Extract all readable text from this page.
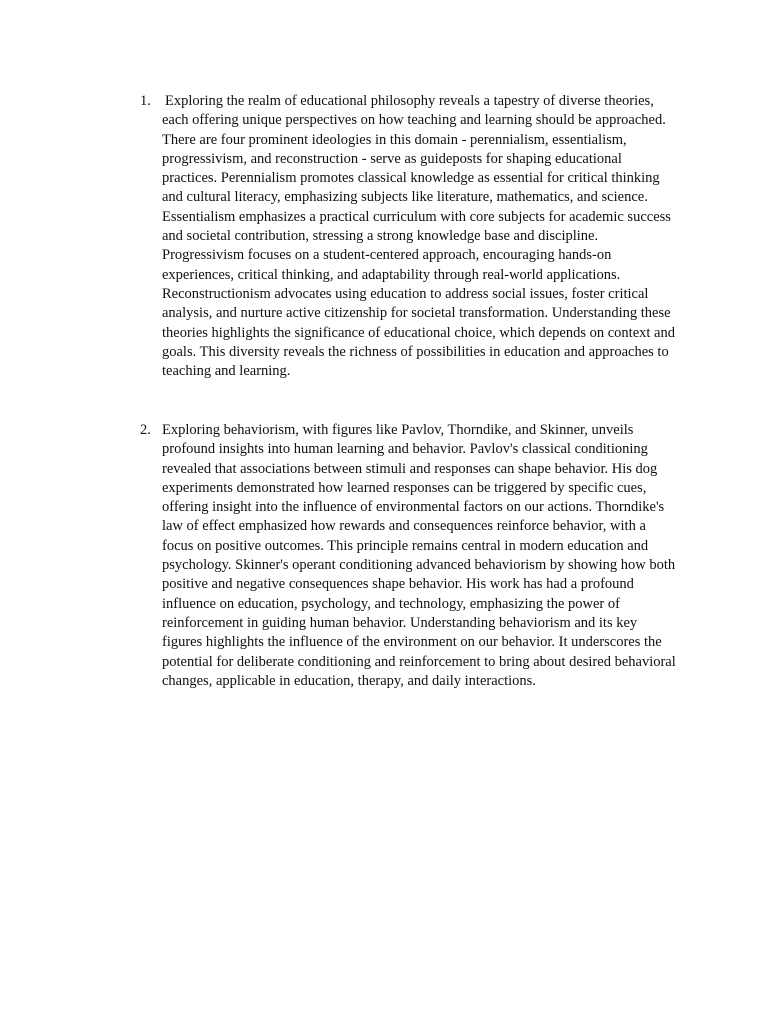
1. Exploring the realm of educational philosophy reveals a tapestry of diverse theories, each offering unique perspectives on how teaching and learning should be approached. There are four prominent ideologies in this domain - perennialism, essentialism, progressivism, and reconstruction - serve as guideposts for shaping educational practices. Perennialism promotes classical knowledge as essential for critical thinking and cultural literacy, emphasizing subjects like literature, mathematics, and science. Essentialism emphasizes a practical curriculum with core subjects for academic success and societal contribution, stressing a strong knowledge base and discipline. Progressivism focuses on a student-centered approach, encouraging hands-on experiences, critical thinking, and adaptability through real-world applications. Reconstructionism advocates using education to address social issues, foster critical analysis, and nurture active citizenship for societal transformation. Understanding these theories highlights the significance of educational choice, which depends on context and goals. This diversity reveals the richness of possibilities in education and approaches to teaching and learning.

2. Exploring behaviorism, with figures like Pavlov, Thorndike, and Skinner, unveils profound insights into human learning and behavior. Pavlov's classical conditioning revealed that associations between stimuli and responses can shape behavior. His dog experiments demonstrated how learned responses can be triggered by specific cues, offering insight into the influence of environmental factors on our actions. Thorndike's law of effect emphasized how rewards and consequences reinforce behavior, with a focus on positive outcomes. This principle remains central in modern education and psychology. Skinner's operant conditioning advanced behaviorism by showing how both positive and negative consequences shape behavior. His work has had a profound influence on education, psychology, and technology, emphasizing the power of reinforcement in guiding human behavior. Understanding behaviorism and its key figures highlights the influence of the environment on our behavior. It underscores the potential for deliberate conditioning and reinforcement to bring about desired behavioral changes, applicable in education, therapy, and daily interactions.
